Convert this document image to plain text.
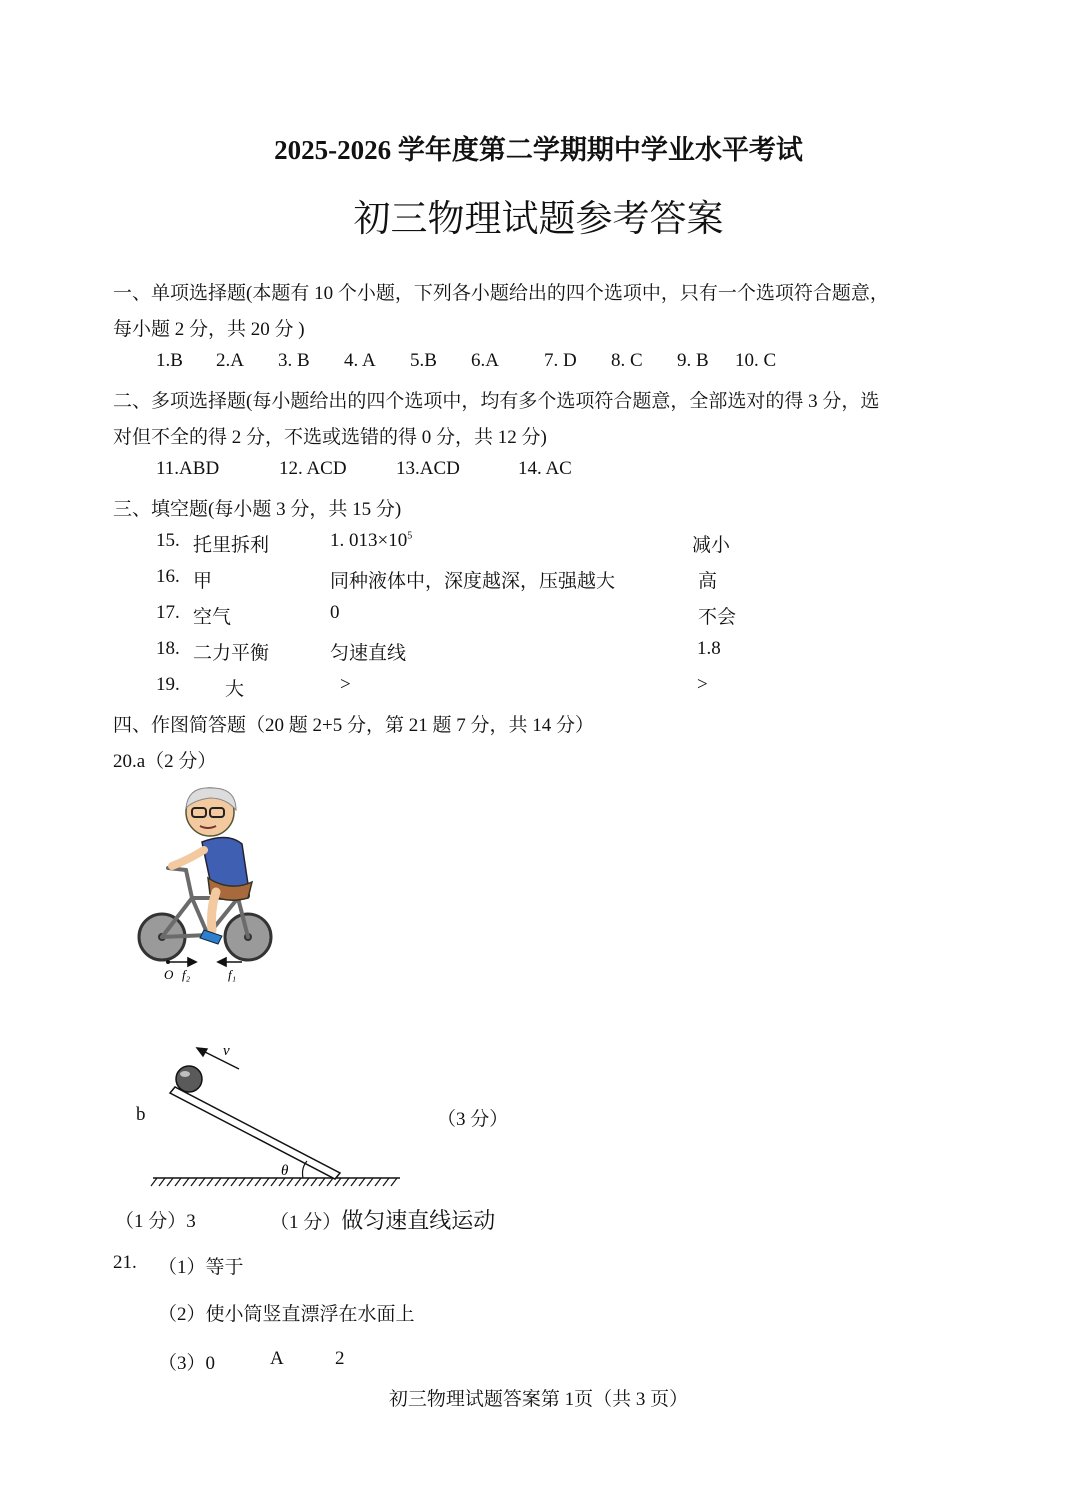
2025-2026 学年度第二学期期中学业水平考试
初三物理试题参考答案
一、单项选择题(本题有 10 个小题，下列各小题给出的四个选项中，只有一个选项符合题意，
每小题 2 分，共 20 分 )
1.B 2.A 3. B 4. A 5.B 6.A 7. D 8. C 9. B 10. C
二、多项选择题(每小题给出的四个选项中，均有多个选项符合题意，全部选对的得 3 分，选
对但不全的得 2 分，不选或选错的得 0 分，共 12 分)
11.ABD	12. ACD	13.ACD	14. AC
三、填空题(每小题 3 分，共 15 分)
15. 托里拆利	1. $013\times 10^5$	减小
16. 甲	同种液体中，深度越深，压强越大	高
17. 空气	0	不会
18. 二力平衡	匀速直线	1.8
19. 大	>	>
四、作图简答题（20 题 2+5 分，第 21 题 7 分，共 14 分）
20.a（2 分）
O f₂	f₁
b
v
θ
（3 分）
（1 分）3	（1 分）做匀速直线运动
21. （1）等于
（2）使小筒竖直漂浮在水面上
（3）0	A	2
初三物理试题答案第 1页（共 3 页）
